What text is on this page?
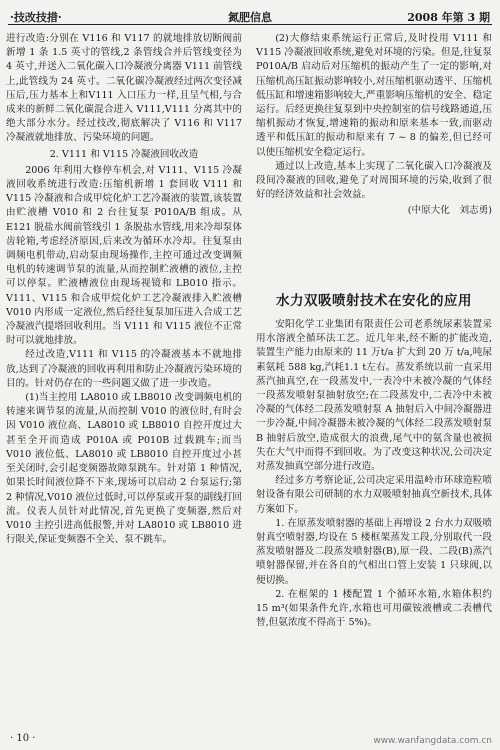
·技改技措·	氮肥信息	2008 年第 3 期

进行改造:分别在 V116 和 V117 的就地排放切断阀前新增 1 条 1.5 英寸的管线,2 条管线合并后管线变径为 4 英寸,并送入二氧化碳入口冷凝液分离器 V111 前管线上,此管线为 24 英寸。二氧化碳冷凝液经过两次变径减压后,压力基本上和V111 入口压力一样,且呈气相,与合成来的新鲜二氧化碳混合进入 V111,V111 分离其中的绝大部分水分。经过技改,彻底解决了 V116 和 V117 冷凝液就地排放、污染环境的问题。

2. V111 和 V115 冷凝液回收改造

2006 年利用大修停车机会,对 V111、V115 冷凝液回收系统进行改造:压缩机新增 1 套回收 V111 和 V115 冷凝液和合成甲烷化炉工艺冷凝液的装置,该装置由贮液槽 V010 和 2 台往复泵 P010A/B 组成。从 E121 脱盐水阀前管线引 1 条脱盐水管线,用来冷却泵体齿轮箱,考虑经济原因,后来改为循环水冷却。往复泵由调频电机带动,启动泵由现场操作,主控可通过改变调频电机的转速调节泵的流量,从而控制贮液槽的液位,主控可以停泵。贮液槽液位由现场视镜和 LB010 指示。V111、V115 和合成甲烷化炉工艺冷凝液排入贮液槽 V010 内形成一定液位,然后经往复泵加压进入合成工艺冷凝液汽提塔回收利用。当 V111 和 V115 液位不正常时可以就地排放。

经过改造,V111 和 V115 的冷凝液基本不就地排放,达到了冷凝液的回收再利用和防止冷凝液污染环境的目的。针对仍存在的一些问题又做了进一步改造。

(1)当主控用 LA8010 或 LB8010 改变调频电机的转速来调节泵的流量,从而控制 V010 的液位时,有时会因 V010 液位高、LA8010 或 LB8010 自控开度过大甚至全开而造成 P010A 或 P010B 过载跳车;而当 V010 液位低、LA8010 或 LB8010 自控开度过小甚至关闭时,会引起变频器故障泵跳车。针对第 1 种情况,如果长时间液位降不下来,现场可以启动 2 台泵运行;第 2 种情况,V010 液位过低时,可以停泵或开泵的副线打回流。仪表人员针对此情况,首先更换了变频器,然后对 V010 主控引进高低报警,并对 LA8010 或 LB8010 进行限关,保证变频器不全关、泵不跳车。

(2)大修结束系统运行正常后,及时投用 V111 和 V115 冷凝液回收系统,避免对环境的污染。但是,往复泵 P010A/B 启动后对压缩机的振动产生了一定的影响,对压缩机高压缸振动影响较小,对压缩机驱动透平、压缩机低压缸和增速箱影响较大,严重影响压缩机的安全、稳定运行。后经更换往复泵到中央控制室的信号线路通道,压缩机振动才恢复,增速箱的振动和原来基本一致,而驱动透平和低压缸的振动和原来有 7 ~ 8 的偏差,但已经可以使压缩机安全稳定运行。

通过以上改造,基本上实现了二氧化碳入口冷凝液及段间冷凝液的回收,避免了对周围环境的污染,收到了很好的经济效益和社会效益。

(中原大化　刘志勇)

水力双吸喷射技术在安化的应用

安阳化学工业集团有限责任公司老系统尿素装置采用水溶液全循环法工艺。近几年来,经不断的扩能改造,装置生产能力由原来的 11 万t/a 扩大到 20 万 t/a,吨尿素氨耗 588 kg,汽耗1.1 t左右。蒸发系统以前一直采用蒸汽抽真空,在一段蒸发中,一表冷中未被冷凝的气体经一段蒸发喷射泵抽射放空;在二段蒸发中,二表冷中未被冷凝的气体经二段蒸发喷射泵 A 抽射后入中间冷凝器进一步冷凝,中间冷凝器未被冷凝的气体经二段蒸发喷射泵 B 抽射后放空,造成很大的浪费,尾气中的氨含量也被损失在大气中而得不到回收。为了改变这种状况,公司决定对蒸发抽真空部分进行改造。

经过多方考察论证,公司决定采用温岭市环球造粒喷射设备有限公司研制的水力双吸喷射抽真空新技术,具体方案如下。

1. 在原蒸发喷射器的基础上再增设 2 台水力双吸喷射真空喷射器,均设在 5 楼框架蒸发工段,分别取代一段蒸发喷射器及二段蒸发喷射器(B),原一段、二段(B)蒸汽喷射器保留,并在各自的气相出口管上安装 1 只球阀,以便切换。

2. 在框架的 1 楼配置 1 个循环水箱,水箱体积约 15 m³(如果条件允许,水箱也可用碳铵液槽或二表槽代替,但氨浓度不得高于 5%)。

· 10 ·	www.wanfangdata.com.cn
